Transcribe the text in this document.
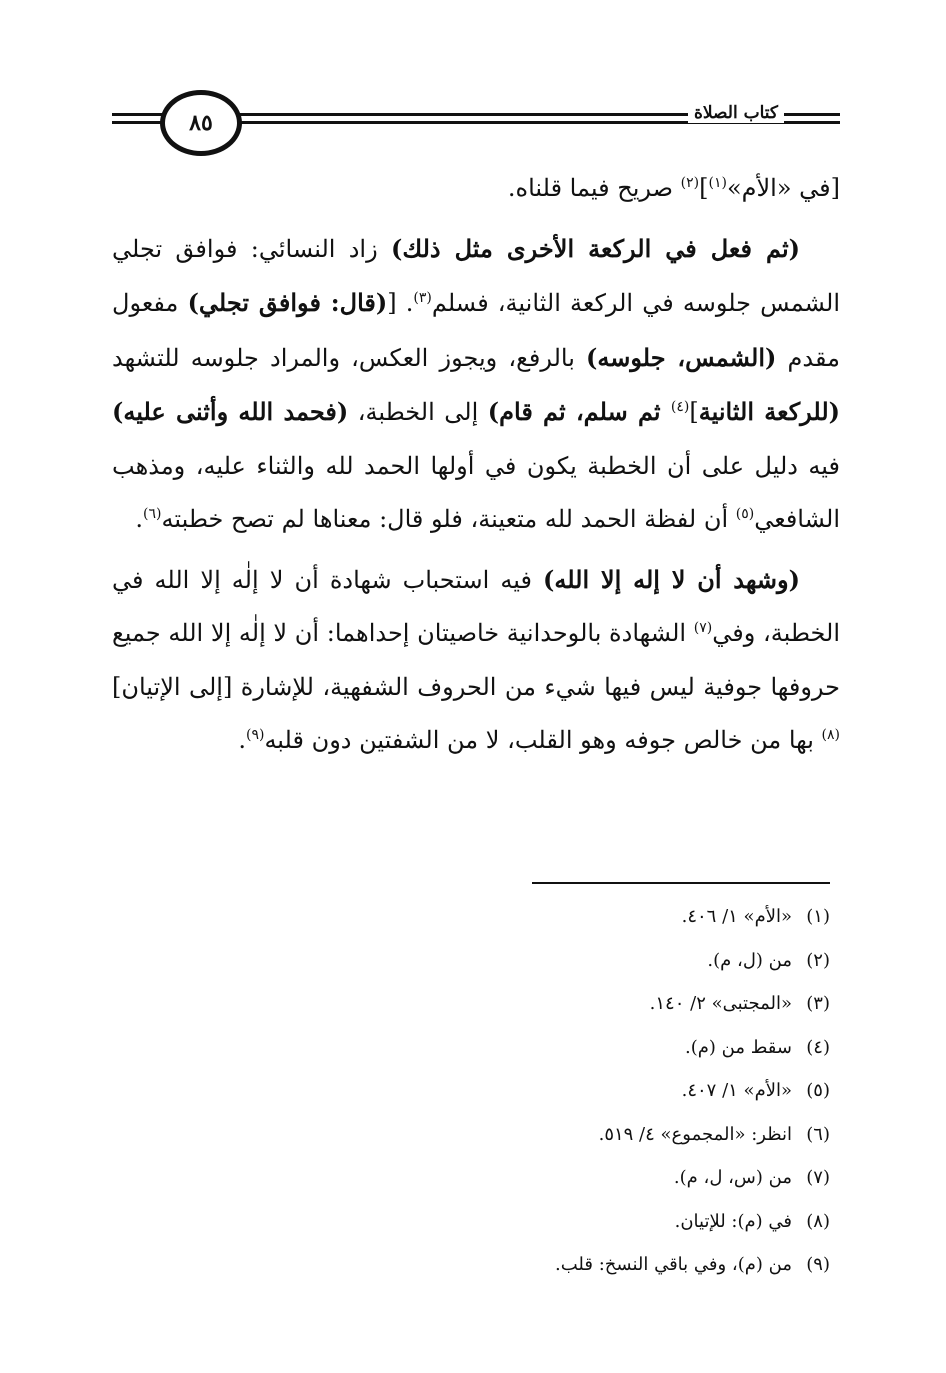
٨٥	كتاب الصلاة

[في «الأم»$^{(١)}$]$^{(٢)}$ صريح فيما قلناه.

(ثم فعل في الركعة الأخرى مثل ذلك) زاد النسائي: فوافق تجلي الشمس جلوسه في الركعة الثانية، فسلم$^{(٣)}$. [(قال: فوافق تجلي) مفعول مقدم (الشمس، جلوسه) بالرفع، ويجوز العكس، والمراد جلوسه للتشهد (للركعة الثانية]$^{(٤)}$ ثم سلم، ثم قام) إلى الخطبة، (فحمد الله وأثنى عليه) فيه دليل على أن الخطبة يكون في أولها الحمد لله والثناء عليه، ومذهب الشافعي$^{(٥)}$ أن لفظة الحمد لله متعينة، فلو قال: معناها لم تصح خطبته$^{(٦)}$.

(وشهد أن لا إله إلا الله) فيه استحباب شهادة أن لا إلٰه إلا الله في الخطبة، وفي$^{(٧)}$ الشهادة بالوحدانية خاصيتان إحداهما: أن لا إلٰه إلا الله جميع حروفها جوفية ليس فيها شيء من الحروف الشفهية، للإشارة [إلى الإتيان]$^{(٨)}$ بها من خالص جوفه وهو القلب، لا من الشفتين دون قلبه$^{(٩)}$.

(١)«الأم» ١/ ٤٠٦.
(٢)من (ل، م).
(٣)«المجتبى» ٢/ ١٤٠.
(٤)سقط من (م).
(٥)«الأم» ١/ ٤٠٧.
(٦)انظر: «المجموع» ٤/ ٥١٩.
(٧)من (س، ل، م).
(٨)في (م): للإتيان.
(٩)من (م)، وفي باقي النسخ: قلب.
